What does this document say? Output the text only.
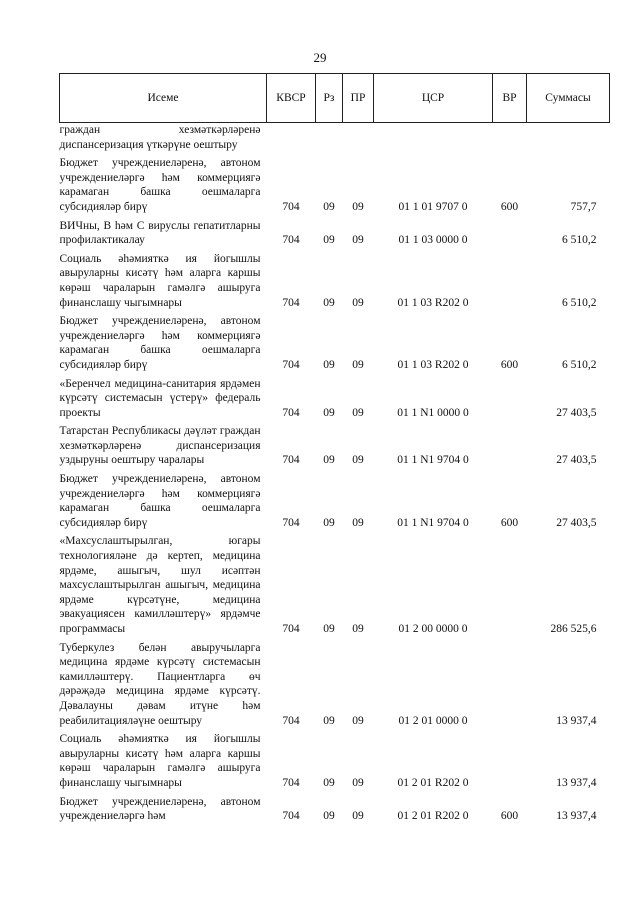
29
Исеме	КВСР	Рз	ПР	ЦСР	ВР	Суммасы
граждан хезмәткәрләренә диспансеризация үткәрүне оештыру						
Бюджет учреждениеләренә, автоном учреждениеләргә һәм коммерциягә карамаган башка оешмаларга субсидияләр бирү	704	09	09	01 1 01 9707 0	600	757,7
ВИЧны, В һәм С вируслы гепатитларны профилактикалау	704	09	09	01 1 03 0000 0		6 510,2
Социаль әһәмияткә ия йогышлы авыруларны кисәтү һәм аларга каршы көрәш чараларын гамәлгә ашыруга финанслашу чыгымнары	704	09	09	01 1 03 R202 0		6 510,2
Бюджет учреждениеләренә, автоном учреждениеләргә һәм коммерциягә карамаган башка оешмаларга субсидияләр бирү	704	09	09	01 1 03 R202 0	600	6 510,2
«Беренчел медицина-санитария ярдәмен күрсәтү системасын үстерү» федераль проекты	704	09	09	01 1 N1 0000 0		27 403,5
Татарстан Республикасы дәүләт граждан хезмәткәрләренә диспансеризация уздыруны оештыру чаралары	704	09	09	01 1 N1 9704 0		27 403,5
Бюджет учреждениеләренә, автоном учреждениеләргә һәм коммерциягә карамаган башка оешмаларга субсидияләр бирү	704	09	09	01 1 N1 9704 0	600	27 403,5
«Махсуслаштырылган, югары технологияләне дә кертеп, медицина ярдәме, ашыгыч, шул исәптән махсуслаштырылган ашыгыч, медицина ярдәме күрсәтүне, медицина эвакуациясен камилләштерү» ярдәмче программасы	704	09	09	01 2 00 0000 0		286 525,6
Туберкулез белән авыручыларга медицина ярдәме күрсәтү системасын камилләштерү. Пациентларга өч дәрәҗәдә медицина ярдәме күрсәтү. Дәвалауны дәвам итүне һәм реабилитацияләүне оештыру	704	09	09	01 2 01 0000 0		13 937,4
Социаль әһәмияткә ия йогышлы авыруларны кисәтү һәм аларга каршы көрәш чараларын гамәлгә ашыруга финанслашу чыгымнары	704	09	09	01 2 01 R202 0		13 937,4
Бюджет учреждениеләренә, автоном учреждениеләргә һәм	704	09	09	01 2 01 R202 0	600	13 937,4
